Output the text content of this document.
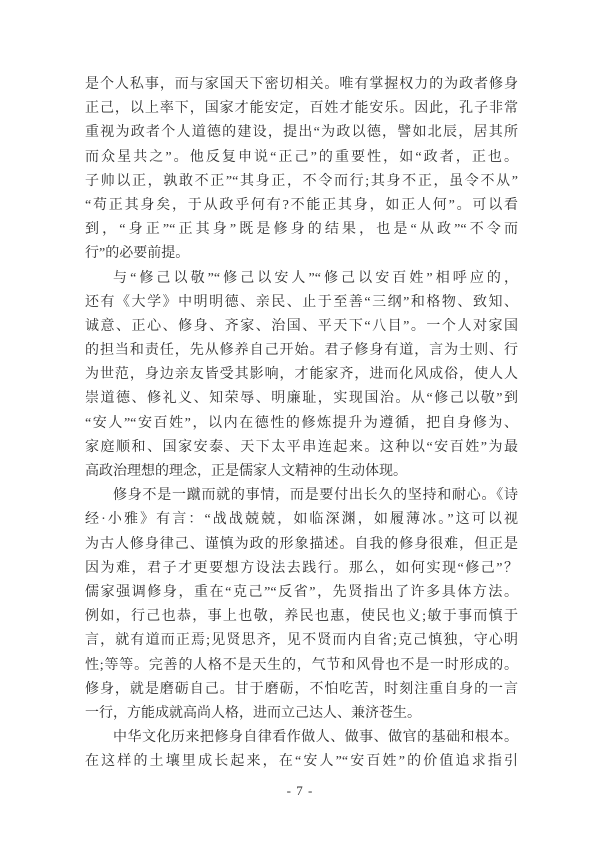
是个人私事，而与家国天下密切相关。唯有掌握权力的为政者修身
正己，以上率下，国家才能安定，百姓才能安乐。因此，孔子非常
重视为政者个人道德的建设，提出“为政以德，譬如北辰，居其所
而众星共之”。他反复申说“正己”的重要性，如“政者，正也。
子帅以正，孰敢不正”“其身正，不令而行;其身不正，虽令不从”
“苟正其身矣，于从政乎何有?不能正其身，如正人何”。可以看
到，“身正”“正其身”既是修身的结果，也是“从政”“不令而
行”的必要前提。
与“修己以敬”“修己以安人”“修己以安百姓”相呼应的，
还有《大学》中明明德、亲民、止于至善“三纲”和格物、致知、
诚意、正心、修身、齐家、治国、平天下“八目”。一个人对家国
的担当和责任，先从修养自己开始。君子修身有道，言为士则、行
为世范，身边亲友皆受其影响，才能家齐，进而化风成俗，使人人
崇道德、修礼义、知荣辱、明廉耻，实现国治。从“修己以敬”到
“安人”“安百姓”，以内在德性的修炼提升为遵循，把自身修为、
家庭顺和、国家安泰、天下太平串连起来。这种以“安百姓”为最
高政治理想的理念，正是儒家人文精神的生动体现。
修身不是一蹴而就的事情，而是要付出长久的坚持和耐心。《诗
经·小雅》有言：“战战兢兢，如临深渊，如履薄冰。”这可以视
为古人修身律己、谨慎为政的形象描述。自我的修身很难，但正是
因为难，君子才更要想方设法去践行。那么，如何实现“修己”？
儒家强调修身，重在“克己”“反省”，先贤指出了许多具体方法。
例如，行己也恭，事上也敬，养民也惠，使民也义;敏于事而慎于
言，就有道而正焉;见贤思齐，见不贤而内自省;克己慎独，守心明
性;等等。完善的人格不是天生的，气节和风骨也不是一时形成的。
修身，就是磨砺自己。甘于磨砺，不怕吃苦，时刻注重自身的一言
一行，方能成就高尚人格，进而立己达人、兼济苍生。
中华文化历来把修身自律看作做人、做事、做官的基础和根本。
在这样的土壤里成长起来，在“安人”“安百姓”的价值追求指引
- 7 -
